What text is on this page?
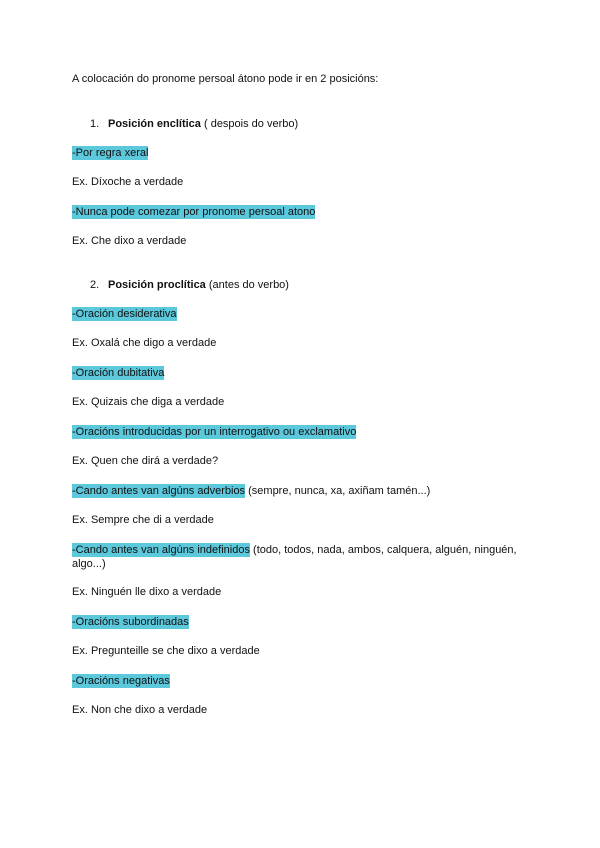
A colocación do pronome persoal átono pode ir en 2 posicións:
1. Posición enclítica ( despois do verbo)
-Por regra xeral
Ex. Díxoche a verdade
-Nunca pode comezar por pronome persoal atono
Ex. Che dixo a verdade
2. Posición proclítica (antes do verbo)
-Oración desiderativa
Ex. Oxalá che digo a verdade
-Oración dubitativa
Ex. Quizais che diga a verdade
-Oracións introducidas por un interrogativo ou exclamativo
Ex. Quen che dirá a verdade?
-Cando antes van algúns adverbios (sempre, nunca, xa, axiñam tamén...)
Ex. Sempre che di a verdade
-Cando antes van algúns indefinidos (todo, todos, nada, ambos, calquera, alguén, ninguén, algo...)
Ex. Ninguén lle dixo a verdade
-Oracións subordinadas
Ex. Pregunteille se che dixo a verdade
-Oracións negativas
Ex. Non che dixo a verdade
